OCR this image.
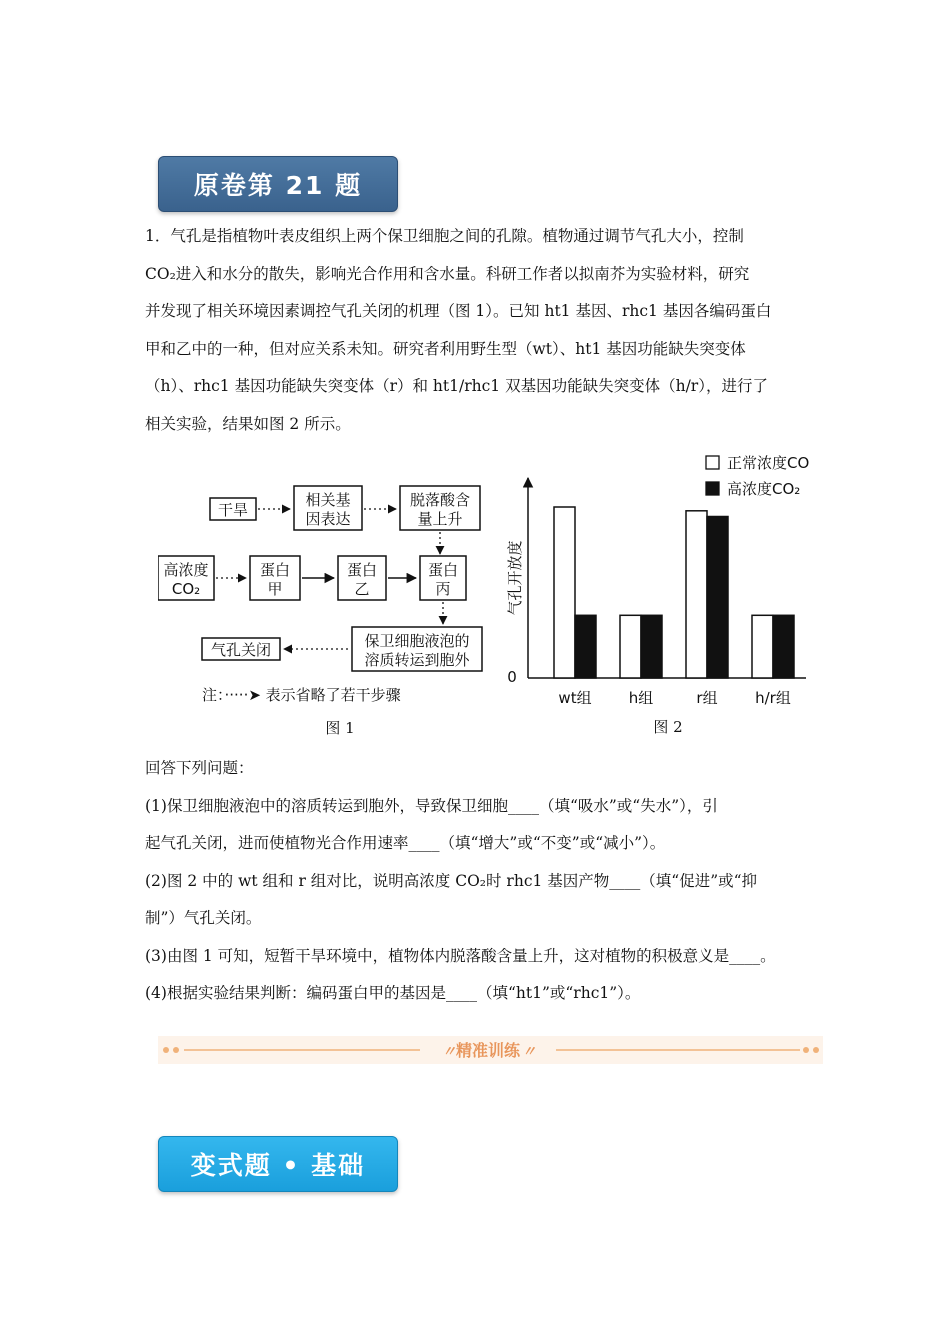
原卷第 21 题
1．气孔是指植物叶表皮组织上两个保卫细胞之间的孔隙。植物通过调节气孔大小，控制
CO₂进入和水分的散失，影响光合作用和含水量。科研工作者以拟南芥为实验材料，研究
并发现了相关环境因素调控气孔关闭的机理（图 1）。已知 ht1 基因、rhc1 基因各编码蛋白
甲和乙中的一种，但对应关系未知。研究者利用野生型（wt）、ht1 基因功能缺失突变体
（h）、rhc1 基因功能缺失突变体（r）和 ht1/rhc1 双基因功能缺失突变体（h/r），进行了
相关实验，结果如图 2 所示。
干旱
相关基
因表达
脱落酸含
量上升
高浓度
CO₂
蛋白
甲
蛋白
乙
蛋白
丙
保卫细胞液泡的
溶质转运到胞外
气孔关闭
注：·····➤ 表示省略了若干步骤
图 1
0
气孔开放度
正常浓度CO
高浓度CO₂
wt组 h组	r组	h/r组
图 2
回答下列问题：
(1)保卫细胞液泡中的溶质转运到胞外，导致保卫细胞____（填“吸水”或“失水”），引
起气孔关闭，进而使植物光合作用速率____（填“增大”或“不变”或“减小”）。
(2)图 2 中的 wt 组和 r 组对比，说明高浓度 CO₂时 rhc1 基因产物____（填“促进”或“抑
制”）气孔关闭。
(3)由图 1 可知，短暂干旱环境中，植物体内脱落酸含量上升，这对植物的积极意义是____。
(4)根据实验结果判断：编码蛋白甲的基因是____（填“ht1”或“rhc1”）。
〃 精准训练 〃
变式题 • 基础
